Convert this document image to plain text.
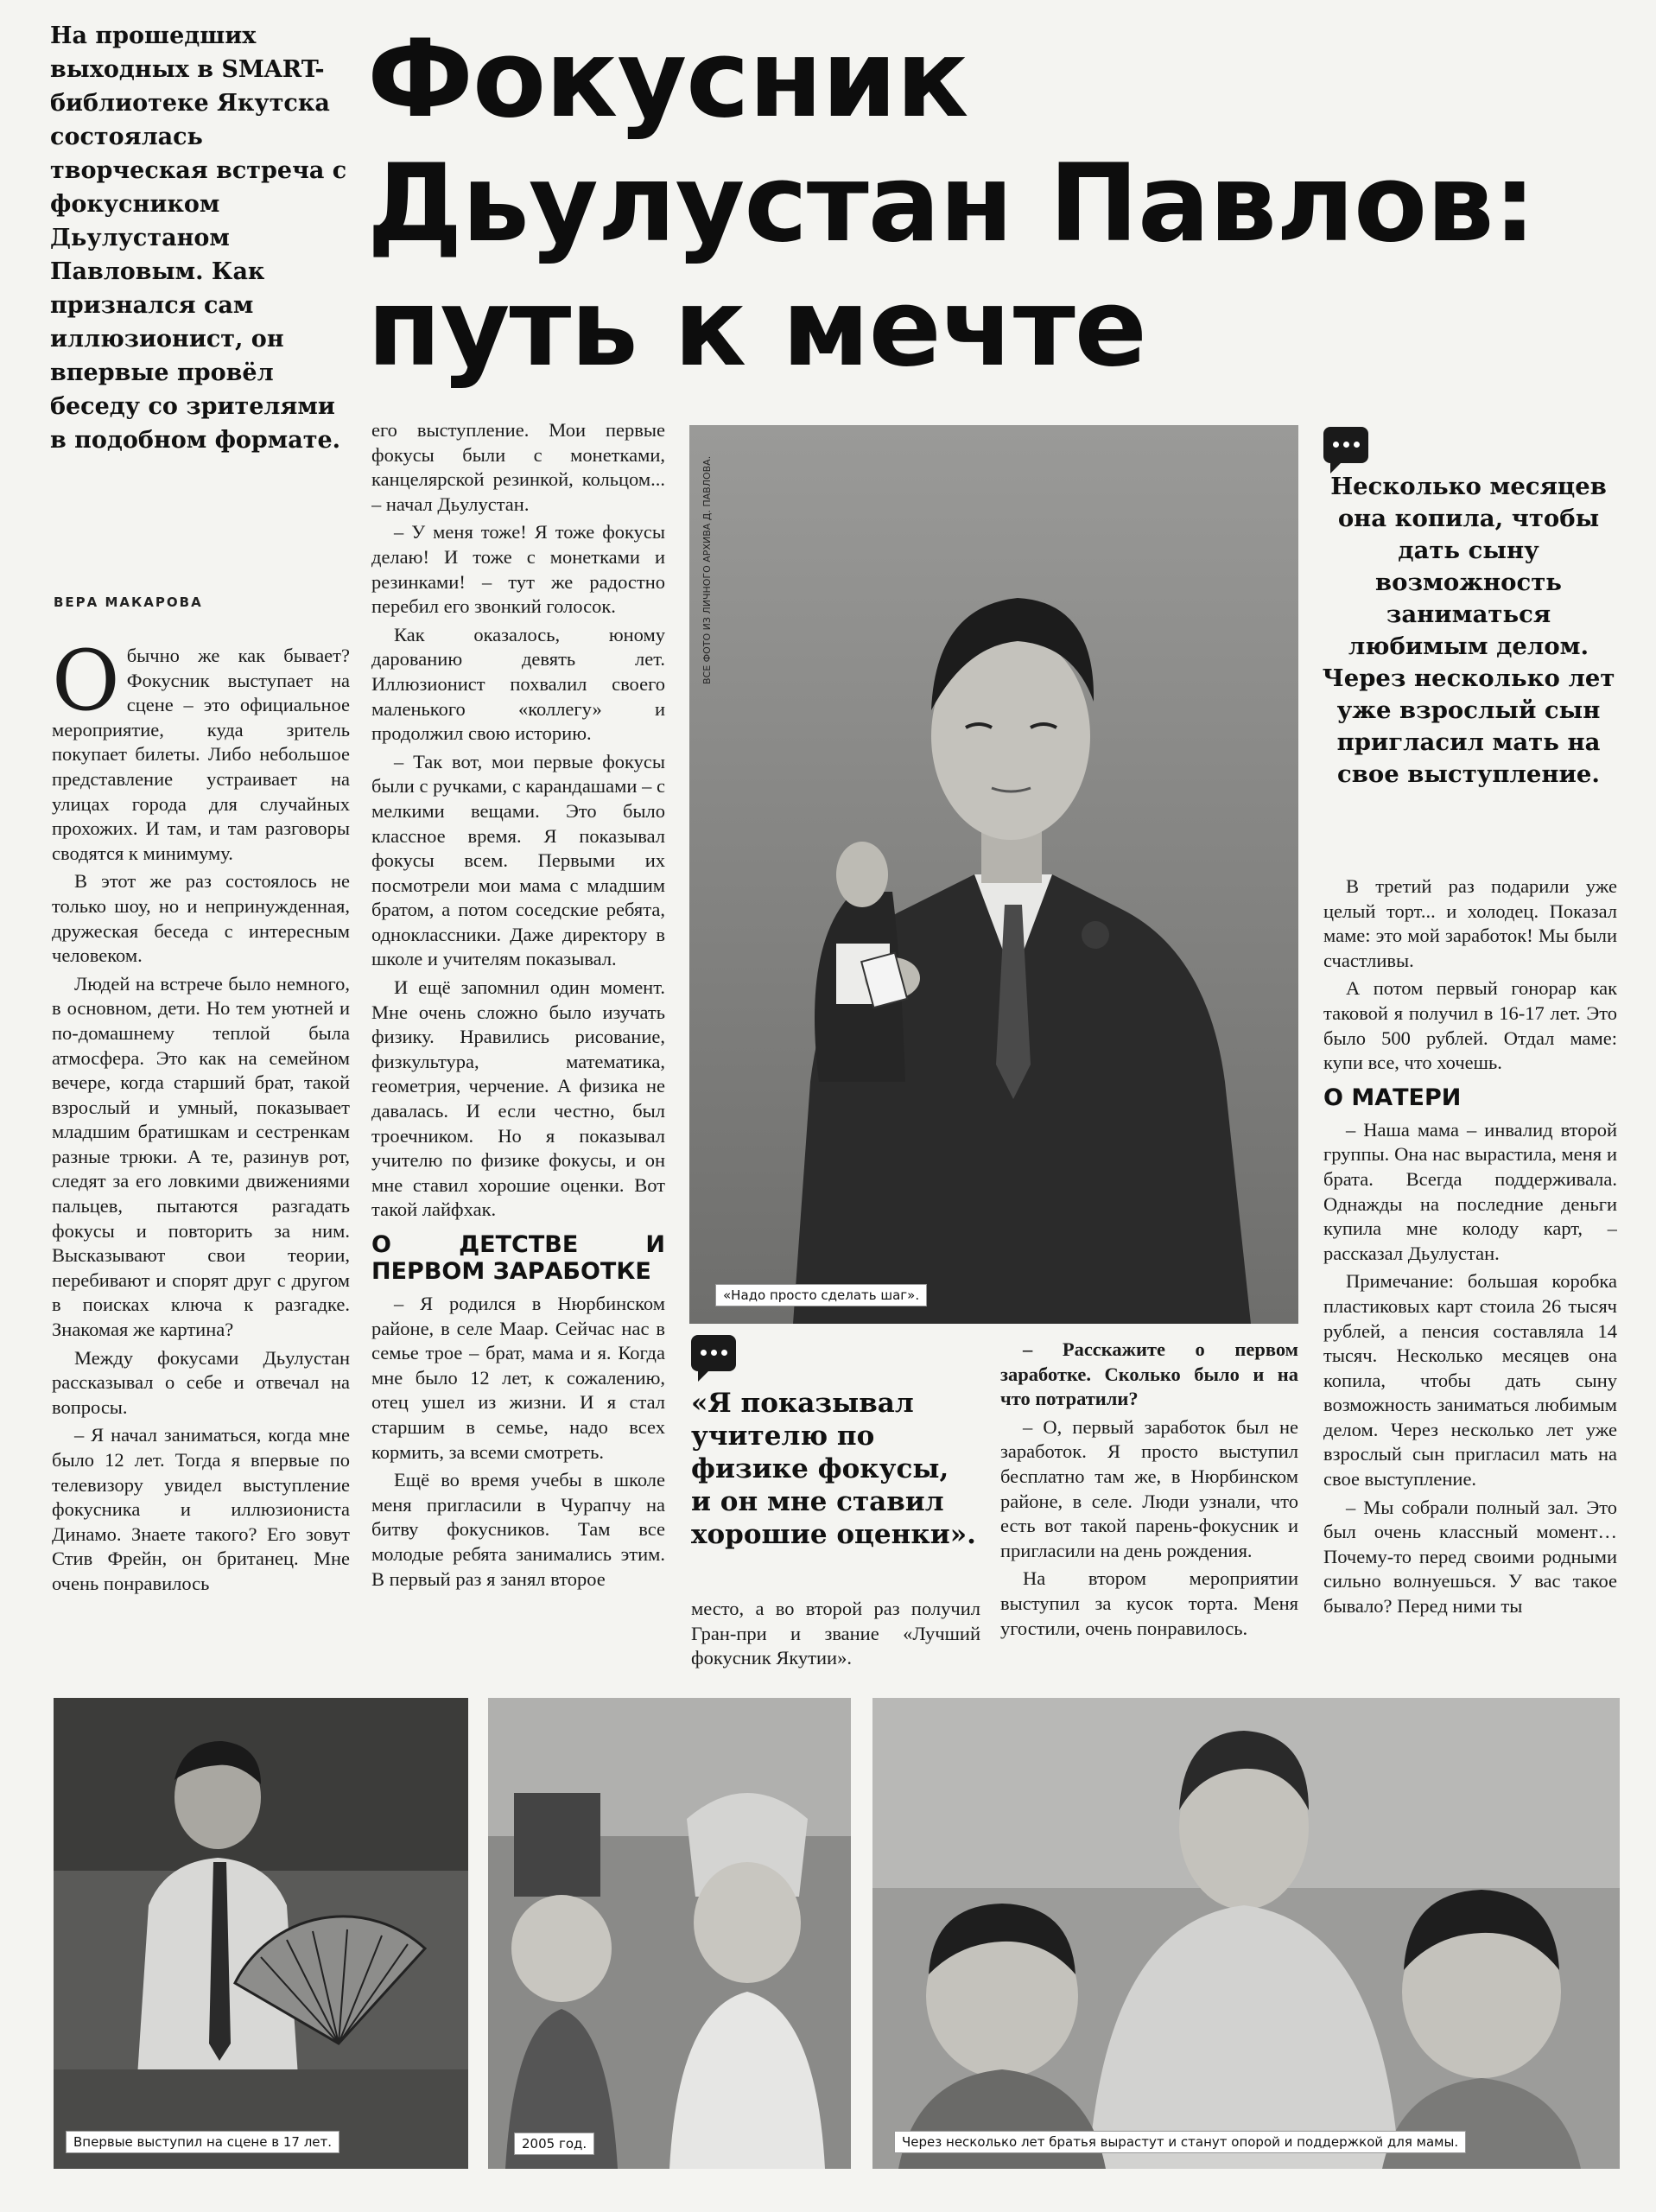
На прошедших выходных в SMART-библиотеке Якутска состоялась творческая встреча с фокусником Дьулустаном Павловым. Как признался сам иллюзионист, он впервые провёл беседу со зрителями в подобном формате.
Фокусник
Дьулустан Павлов:
путь к мечте
ВЕРА МАКАРОВА

Обычно же как бывает? Фокусник выступает на сцене – это официальное мероприятие, куда зритель покупает билеты. Либо небольшое представление устраивает на улицах города для случайных прохожих. И там, и там разговоры сводятся к минимуму.

В этот же раз состоялось не только шоу, но и непринужденная, дружеская беседа с интересным человеком.

Людей на встрече было немного, в основном, дети. Но тем уютней и по-домашнему теплой была атмосфера. Это как на семейном вечере, когда старший брат, такой взрослый и умный, показывает младшим братишкам и сестренкам разные трюки. А те, разинув рот, следят за его ловкими движениями пальцев, пытаются разгадать фокусы и повторить за ним. Высказывают свои теории, перебивают и спорят друг с другом в поисках ключа к разгадке. Знакомая же картина?

Между фокусами Дьулустан рассказывал о себе и отвечал на вопросы.

– Я начал заниматься, когда мне было 12 лет. Тогда я впервые по телевизору увидел выступление фокусника и иллюзиониста Динамо. Знаете такого? Его зовут Стив Фрейн, он британец. Мне очень понравилось

его выступление. Мои первые фокусы были с монетками, канцелярской резинкой, кольцом... – начал Дьулустан.

– У меня тоже! Я тоже фокусы делаю! И тоже с монетками и резинками! – тут же радостно перебил его звонкий голосок.

Как оказалось, юному дарованию девять лет. Иллюзионист похвалил своего маленького «коллегу» и продолжил свою историю.

– Так вот, мои первые фокусы были с ручками, с карандашами – с мелкими вещами. Это было классное время. Я показывал фокусы всем. Первыми их посмотрели мои мама с младшим братом, а потом соседские ребята, одноклассники. Даже директору в школе и учителям показывал.

И ещё запомнил один момент. Мне очень сложно было изучать физику. Нравились рисование, физкультура, математика, геометрия, черчение. А физика не давалась. И если честно, был троечником. Но я показывал учителю по физике фокусы, и он мне ставил хорошие оценки. Вот такой лайфхак.

О ДЕТСТВЕ И ПЕРВОМ ЗАРАБОТКЕ

– Я родился в Нюрбинском районе, в селе Маар. Сейчас нас в семье трое – брат, мама и я. Когда мне было 12 лет, к сожалению, отец ушел из жизни. И я стал старшим в семье, надо всех кормить, за всеми смотреть.

Ещё во время учебы в школе меня пригласили в Чурапчу на битву фокусников. Там все молодые ребята занимались этим. В первый раз я занял второе

ВСЕ ФОТО ИЗ ЛИЧНОГО АРХИВА Д. ПАВЛОВА.
«Надо просто сделать шаг».
«Я показывал учителю по физике фокусы, и он мне ставил хорошие оценки».

место, а во второй раз получил Гран-при и звание «Лучший фокусник Якутии».

– Расскажите о первом заработке. Сколько было и на что потратили?

– О, первый заработок был не заработок. Я просто выступил бесплатно там же, в Нюрбинском районе, в селе. Люди узнали, что есть вот такой парень-фокусник и пригласили на день рождения.

На втором мероприятии выступил за кусок торта. Меня угостили, очень понравилось.

Несколько месяцев она копила, чтобы дать сыну возможность заниматься любимым делом. Через несколько лет уже взрослый сын пригласил мать на свое выступление.

В третий раз подарили уже целый торт... и холодец. Показал маме: это мой заработок! Мы были счастливы.

А потом первый гонорар как таковой я получил в 16-17 лет. Это было 500 рублей. Отдал маме: купи все, что хочешь.

О МАТЕРИ

– Наша мама – инвалид второй группы. Она нас вырастила, меня и брата. Всегда поддерживала. Однажды на последние деньги купила мне колоду карт, – рассказал Дьулустан.

Примечание: большая коробка пластиковых карт стоила 26 тысяч рублей, а пенсия составляла 14 тысяч. Несколько месяцев она копила, чтобы дать сыну возможность заниматься любимым делом. Через несколько лет уже взрослый сын пригласил мать на свое выступление.

– Мы собрали полный зал. Это был очень классный момент… Почему-то перед своими родными сильно волнуешься. У вас такое бывало? Перед ними ты

Впервые выступил на сцене в 17 лет.	2005 год.	Через несколько лет братья вырастут и станут опорой и поддержкой для мамы.
